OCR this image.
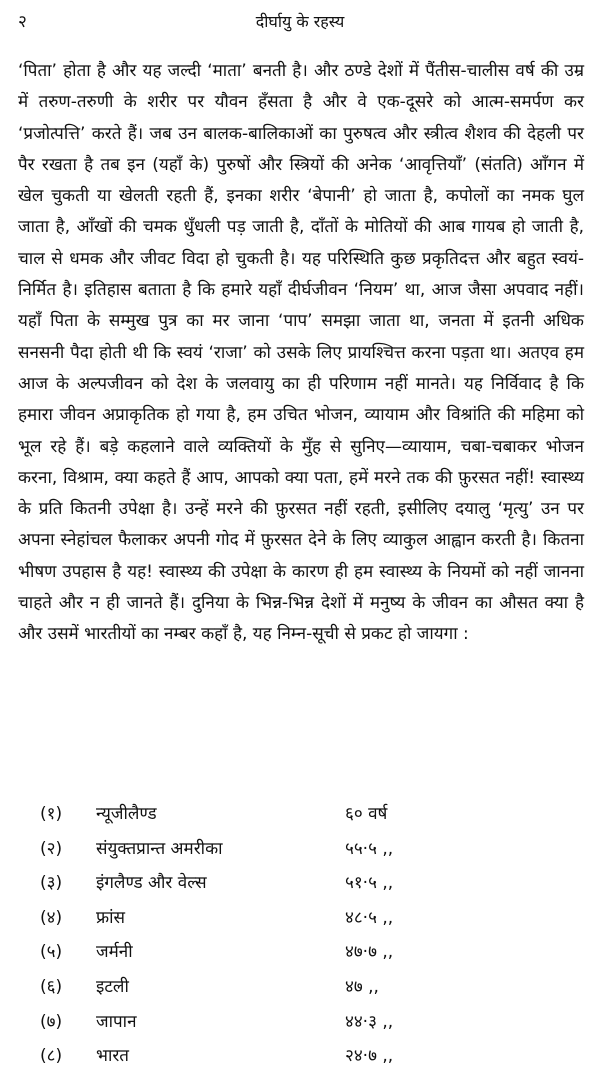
२	दीर्घायु के रहस्य

‘पिता’ होता है और यह जल्दी ‘माता’ बनती है। और ठण्डे देशों में पैंतीस-चालीस वर्ष की उम्र में तरुण-तरुणी के शरीर पर यौवन हँसता है और वे एक-दूसरे को आत्म-समर्पण कर ‘प्रजोत्पत्ति’ करते हैं। जब उन बालक-बालिकाओं का पुरुषत्व और स्त्रीत्व शैशव की देहली पर पैर रखता है तब इन (यहाँ के) पुरुषों और स्त्रियों की अनेक ‘आवृत्तियाँ’ (संतति) आँगन में खेल चुकती या खेलती रहती हैं, इनका शरीर ‘बेपानी’ हो जाता है, कपोलों का नमक घुल जाता है, आँखों की चमक धुँधली पड़ जाती है, दाँतों के मोतियों की आब गायब हो जाती है, चाल से धमक और जीवट विदा हो चुकती है। यह परिस्थिति कुछ प्रकृतिदत्त और बहुत स्वयं-निर्मित है। इतिहास बताता है कि हमारे यहाँ दीर्घजीवन ‘नियम’ था, आज जैसा अपवाद नहीं। यहाँ पिता के सम्मुख पुत्र का मर जाना ‘पाप’ समझा जाता था, जनता में इतनी अधिक सनसनी पैदा होती थी कि स्वयं ‘राजा’ को उसके लिए प्रायश्चित्त करना पड़ता था। अतएव हम आज के अल्पजीवन को देश के जलवायु का ही परिणाम नहीं मानते। यह निर्विवाद है कि हमारा जीवन अप्राकृतिक हो गया है, हम उचित भोजन, व्यायाम और विश्रांति की महिमा को भूल रहे हैं। बड़े कहलाने वाले व्यक्तियों के मुँह से सुनिए—व्यायाम, चबा-चबाकर भोजन करना, विश्राम, क्या कहते हैं आप, आपको क्या पता, हमें मरने तक की फ़ुरसत नहीं! स्वास्थ्य के प्रति कितनी उपेक्षा है। उन्हें मरने की फ़ुरसत नहीं रहती, इसीलिए दयालु ‘मृत्यु’ उन पर अपना स्नेहांचल फैलाकर अपनी गोद में फ़ुरसत देने के लिए व्याकुल आह्वान करती है। कितना भीषण उपहास है यह! स्वास्थ्य की उपेक्षा के कारण ही हम स्वास्थ्य के नियमों को नहीं जानना चाहते और न ही जानते हैं। दुनिया के भिन्न-भिन्न देशों में मनुष्य के जीवन का औसत क्या है और उसमें भारतीयों का नम्बर कहाँ है, यह निम्न-सूची से प्रकट हो जायगा :

(१) न्यूजीलैण्ड	६० वर्ष
(२) संयुक्तप्रान्त अमरीका	५५·५ ,,
(३) इंगलैण्ड और वेल्स	५१·५ ,,
(४) फ्रांस	४८·५ ,,
(५) जर्मनी	४७·७ ,,
(६) इटली	४७ ,,
(७) जापान	४४·३ ,,
(८) भारत	२४·७ ,,
